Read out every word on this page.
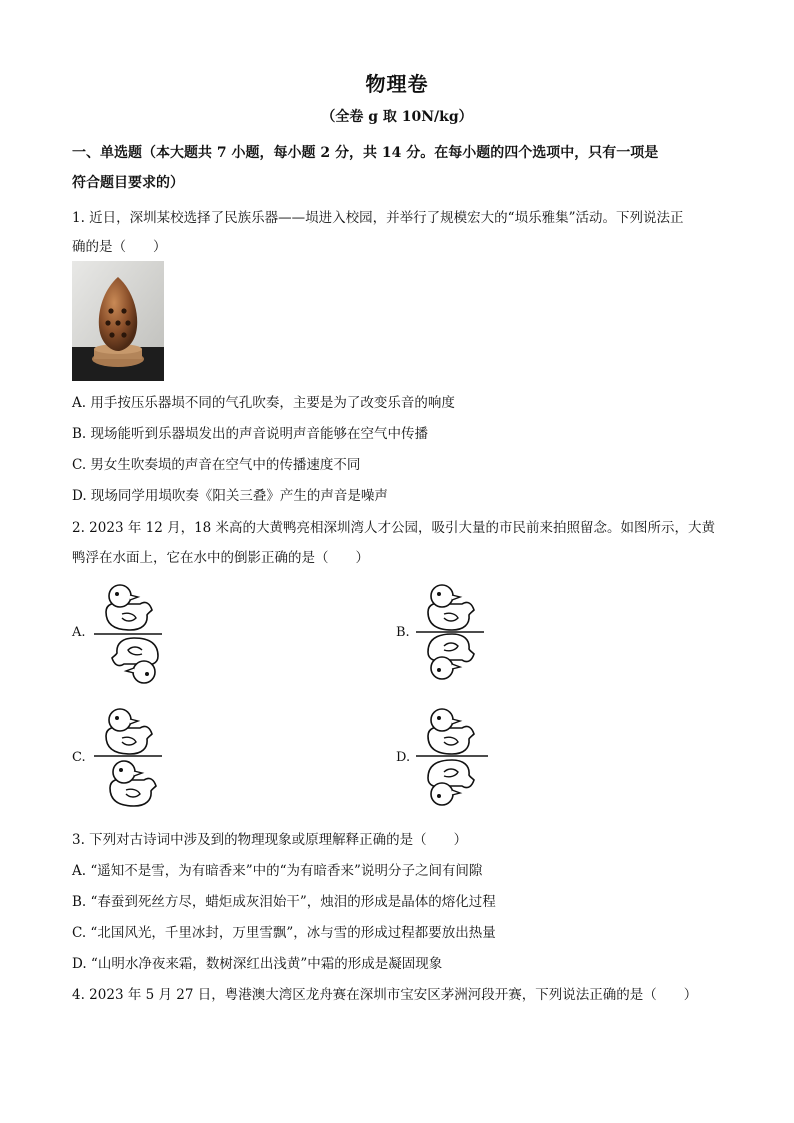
物理卷
（全卷 g 取 10N/kg）
一、单选题（本大题共 7 小题，每小题 2 分，共 14 分。在每小题的四个选项中，只有一项是
符合题目要求的）
1. 近日，深圳某校选择了民族乐器——埙进入校园，并举行了规模宏大的“埙乐雅集”活动。下列说法正
确的是（　　）
A. 用手按压乐器埙不同的气孔吹奏，主要是为了改变乐音的响度
B. 现场能听到乐器埙发出的声音说明声音能够在空气中传播
C. 男女生吹奏埙的声音在空气中的传播速度不同
D. 现场同学用埙吹奏《阳关三叠》产生的声音是噪声
2. 2023 年 12 月，18 米高的大黄鸭亮相深圳湾人才公园，吸引大量的市民前来拍照留念。如图所示，大黄
鸭浮在水面上，它在水中的倒影正确的是（　　）
A.	B.
C.	D.
3. 下列对古诗词中涉及到的物理现象或原理解释正确的是（　　）
A. “遥知不是雪，为有暗香来”中的“为有暗香来”说明分子之间有间隙
B. “春蚕到死丝方尽，蜡炬成灰泪始干”，烛泪的形成是晶体的熔化过程
C. “北国风光，千里冰封，万里雪飘”，冰与雪的形成过程都要放出热量
D. “山明水净夜来霜，数树深红出浅黄”中霜的形成是凝固现象
4. 2023 年 5 月 27 日，粤港澳大湾区龙舟赛在深圳市宝安区茅洲河段开赛，下列说法正确的是（　　）
